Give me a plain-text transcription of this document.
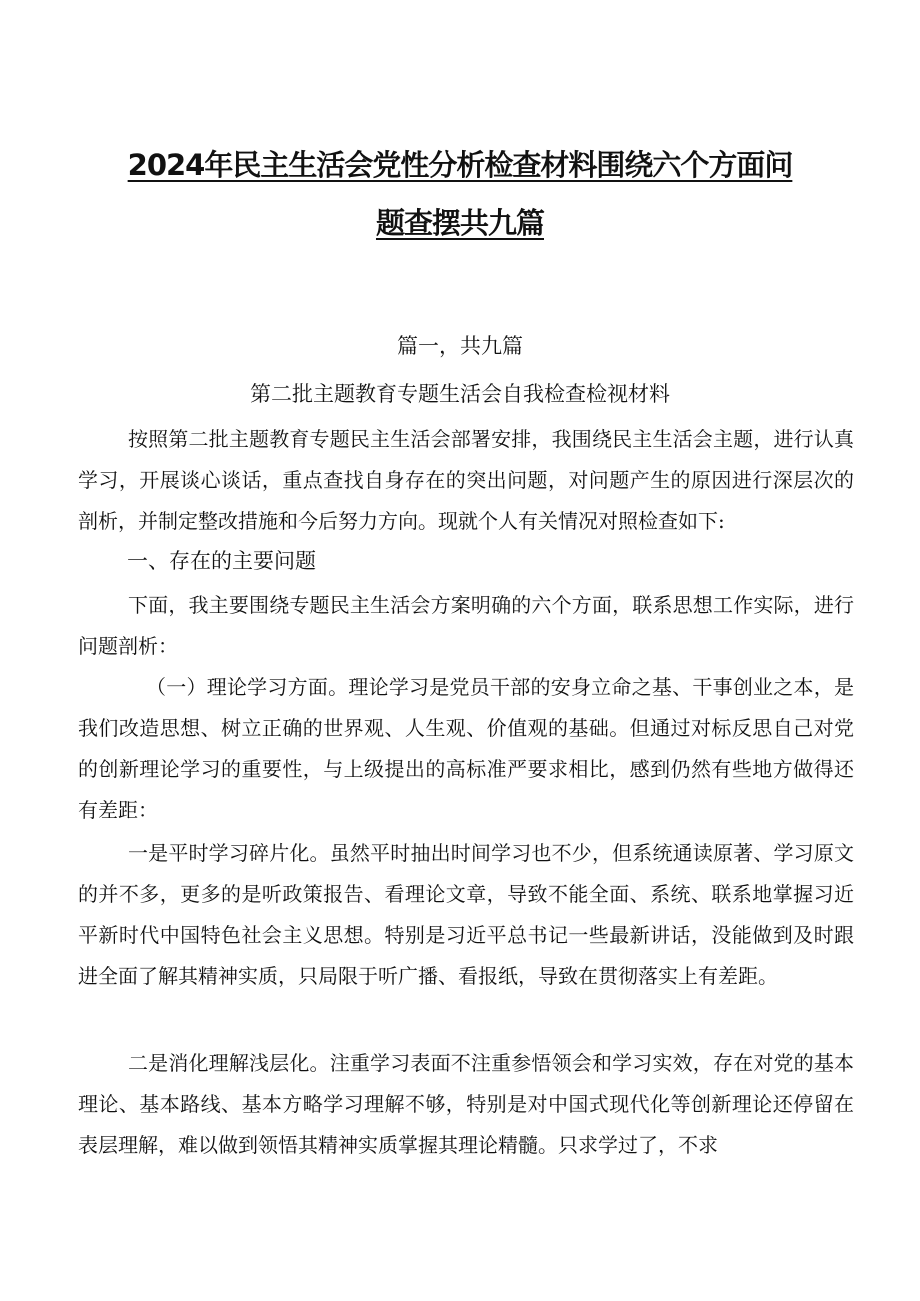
2024年民主生活会党性分析检查材料围绕六个方面问
题查摆共九篇
篇一，共九篇
第二批主题教育专题生活会自我检查检视材料
按照第二批主题教育专题民主生活会部署安排，我围绕民主生活会主题，进行认真学习，开展谈心谈话，重点查找自身存在的突出问题，对问题产生的原因进行深层次的剖析，并制定整改措施和今后努力方向。现就个人有关情况对照检查如下:
一、存在的主要问题
下面，我主要围绕专题民主生活会方案明确的六个方面，联系思想工作实际，进行问题剖析：
（一）理论学习方面。理论学习是党员干部的安身立命之基、干事创业之本，是我们改造思想、树立正确的世界观、人生观、价值观的基础。但通过对标反思自己对党的创新理论学习的重要性，与上级提出的高标准严要求相比，感到仍然有些地方做得还有差距：
一是平时学习碎片化。虽然平时抽出时间学习也不少，但系统通读原著、学习原文的并不多，更多的是听政策报告、看理论文章，导致不能全面、系统、联系地掌握习近平新时代中国特色社会主义思想。特别是习近平总书记一些最新讲话，没能做到及时跟进全面了解其精神实质，只局限于听广播、看报纸，导致在贯彻落实上有差距。
二是消化理解浅层化。注重学习表面不注重参悟领会和学习实效，存在对党的基本理论、基本路线、基本方略学习理解不够，特别是对中国式现代化等创新理论还停留在表层理解，难以做到领悟其精神实质掌握其理论精髓。只求学过了，不求
